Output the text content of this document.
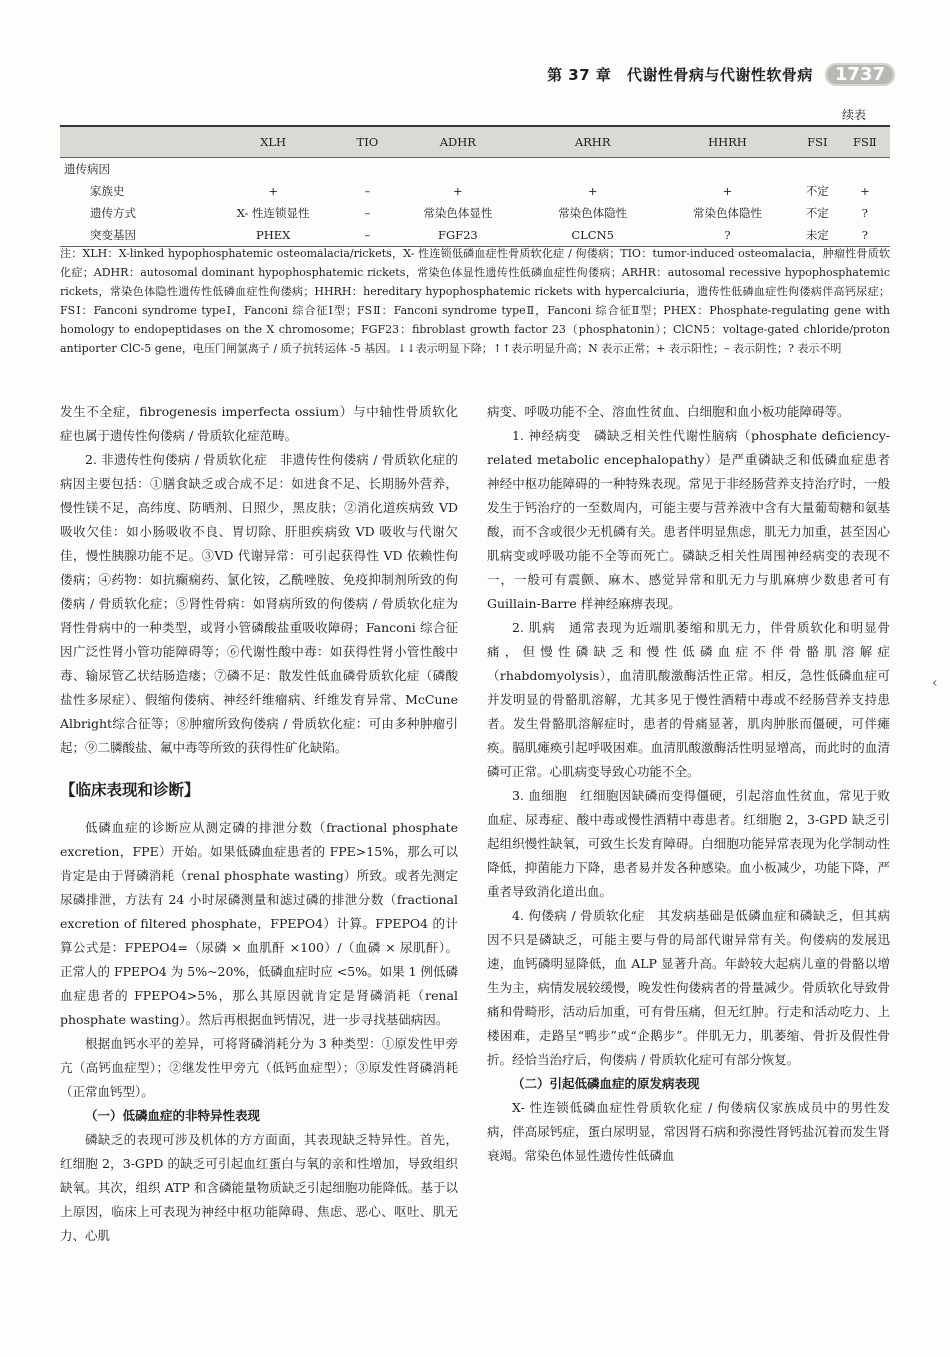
第 37 章　代谢性骨病与代谢性软骨病	1737
续表
	XLH	TIO	ADHR	ARHR	HHRH	FSⅠ	FSⅡ
遗传病因							
家族史	+	–	+	+	+	不定	+
遗传方式	X- 性连锁显性	–	常染色体显性	常染色体隐性	常染色体隐性	不定	?
突变基因	PHEX	–	FGF23	CLCN5	?	未定	?
注：XLH：X-linked hypophosphatemic osteomalacia/rickets，X- 性连锁低磷血症性骨质软化症 / 佝偻病；TIO：tumor-induced osteomalacia，肿瘤性骨质软化症；ADHR：autosomal dominant hypophosphatemic rickets，常染色体显性遗传性低磷血症性佝偻病；ARHR：autosomal recessive hypophosphatemic rickets，常染色体隐性遗传性低磷血症性佝偻病；HHRH：hereditary hypophosphatemic rickets with hypercalciuria，遗传性低磷血症性佝偻病伴高钙尿症；FSⅠ：Fanconi syndrome typeⅠ，Fanconi 综合征Ⅰ型；FSⅡ：Fanconi syndrome typeⅡ，Fanconi 综合征Ⅱ型；PHEX：Phosphate-regulating gene with homology to endopeptidases on the X chromosome；FGF23：fibroblast growth factor 23（phosphatonin）；ClCN5：voltage-gated chloride/proton antiporter ClC-5 gene，电压门闸氯离子 / 质子抗转运体 -5 基因。↓↓表示明显下降；↑↑表示明显升高；N 表示正常；+ 表示阳性；– 表示阴性；? 表示不明

发生不全症，fibrogenesis imperfecta ossium）与中轴性骨质软化症也属于遗传性佝偻病 / 骨质软化症范畴。

2. 非遗传性佝偻病 / 骨质软化症　非遗传性佝偻病 / 骨质软化症的病因主要包括：①膳食缺乏或合成不足：如进食不足、长期肠外营养，慢性镁不足，高纬度、防晒剂、日照少，黑皮肤；②消化道疾病致 VD 吸收欠佳：如小肠吸收不良、胃切除、肝胆疾病致 VD 吸收与代谢欠佳，慢性胰腺功能不足。③VD 代谢异常：可引起获得性 VD 依赖性佝偻病；④药物：如抗癫痫药、氯化铵，乙酰唑胺、免疫抑制剂所致的佝偻病 / 骨质软化症；⑤肾性骨病：如肾病所致的佝偻病 / 骨质软化症为肾性骨病中的一种类型，或肾小管磷酸盐重吸收障碍；Fanconi 综合征因广泛性肾小管功能障碍等；⑥代谢性酸中毒：如获得性肾小管性酸中毒、输尿管乙状结肠造瘘；⑦磷不足：散发性低血磷骨质软化症（磷酸盐性多尿症）、假缩佝偻病、神经纤维瘤病、纤维发育异常、McCune Albright综合征等；⑧肿瘤所致佝偻病 / 骨质软化症：可由多种肿瘤引起；⑨二膦酸盐、氟中毒等所致的获得性矿化缺陷。

【临床表现和诊断】

低磷血症的诊断应从测定磷的排泄分数（fractional phosphate excretion，FPE）开始。如果低磷血症患者的 FPE>15%，那么可以肯定是由于肾磷消耗（renal phosphate wasting）所致。或者先测定尿磷排泄，方法有 24 小时尿磷测量和滤过磷的排泄分数（fractional excretion of filtered phosphate，FPEPO4）计算。FPEPO4 的计算公式是：FPEPO4=（尿磷 × 血肌酐 ×100）/（血磷 × 尿肌酐）。正常人的 FPEPO4 为 5%~20%，低磷血症时应 <5%。如果 1 例低磷血症患者的 FPEPO4>5%，那么其原因就肯定是肾磷消耗（renal phosphate wasting）。然后再根据血钙情况，进一步寻找基础病因。

根据血钙水平的差异，可将肾磷消耗分为 3 种类型：①原发性甲旁亢（高钙血症型）；②继发性甲旁亢（低钙血症型）；③原发性肾磷消耗（正常血钙型）。

（一）低磷血症的非特异性表现

磷缺乏的表现可涉及机体的方方面面，其表现缺乏特异性。首先，红细胞 2，3-GPD 的缺乏可引起血红蛋白与氧的亲和性增加，导致组织缺氧。其次，组织 ATP 和含磷能量物质缺乏引起细胞功能降低。基于以上原因，临床上可表现为神经中枢功能障碍、焦虑、恶心、呕吐、肌无力、心肌

病变、呼吸功能不全、溶血性贫血、白细胞和血小板功能障碍等。

1. 神经病变　磷缺乏相关性代谢性脑病（phosphate deficiency-related metabolic encephalopathy）是严重磷缺乏和低磷血症患者神经中枢功能障碍的一种特殊表现。常见于非经肠营养支持治疗时，一般发生于钙治疗的一至数周内，可能主要与营养液中含有大量葡萄糖和氨基酸，而不含或很少无机磷有关。患者伴明显焦虑，肌无力加重，甚至因心肌病变或呼吸功能不全等而死亡。磷缺乏相关性周围神经病变的表现不一，一般可有震颤、麻木、感觉异常和肌无力与肌麻痹少数患者可有 Guillain-Barre 样神经麻痹表现。

2. 肌病　通常表现为近端肌萎缩和肌无力，伴骨质软化和明显骨痛，但慢性磷缺乏和慢性低磷血症不伴骨骼肌溶解症（rhabdomyolysis），血清肌酸激酶活性正常。相反，急性低磷血症可并发明显的骨骼肌溶解，尤其多见于慢性酒精中毒或不经肠营养支持患者。发生骨骼肌溶解症时，患者的骨痛显著，肌肉肿胀而僵硬，可伴瘫痪。膈肌瘫痪引起呼吸困难。血清肌酸激酶活性明显增高，而此时的血清磷可正常。心肌病变导致心功能不全。

3. 血细胞　红细胞因缺磷而变得僵硬，引起溶血性贫血，常见于败血症、尿毒症、酸中毒或慢性酒精中毒患者。红细胞 2，3-GPD 缺乏引起组织慢性缺氧，可致生长发育障碍。白细胞功能异常表现为化学制动性降低，抑菌能力下降，患者易并发各种感染。血小板减少，功能下降，严重者导致消化道出血。

4. 佝偻病 / 骨质软化症　其发病基础是低磷血症和磷缺乏，但其病因不只是磷缺乏，可能主要与骨的局部代谢异常有关。佝偻病的发展迅速，血钙磷明显降低，血 ALP 显著升高。年龄较大起病儿童的骨骼以增生为主，病情发展较缓慢，晚发性佝偻病者的骨量减少。骨质软化导致骨痛和骨畸形，活动后加重，可有骨压痛，但无红肿。行走和活动吃力、上楼困难，走路呈“鸭步”或“企鹅步”。伴肌无力，肌萎缩、骨折及假性骨折。经恰当治疗后，佝偻病 / 骨质软化症可有部分恢复。

（二）引起低磷血症的原发病表现

X- 性连锁低磷血症性骨质软化症 / 佝偻病仅家族成员中的男性发病，伴高尿钙症，蛋白尿明显，常因肾石病和弥漫性肾钙盐沉着而发生肾衰竭。常染色体显性遗传性低磷血

‹
